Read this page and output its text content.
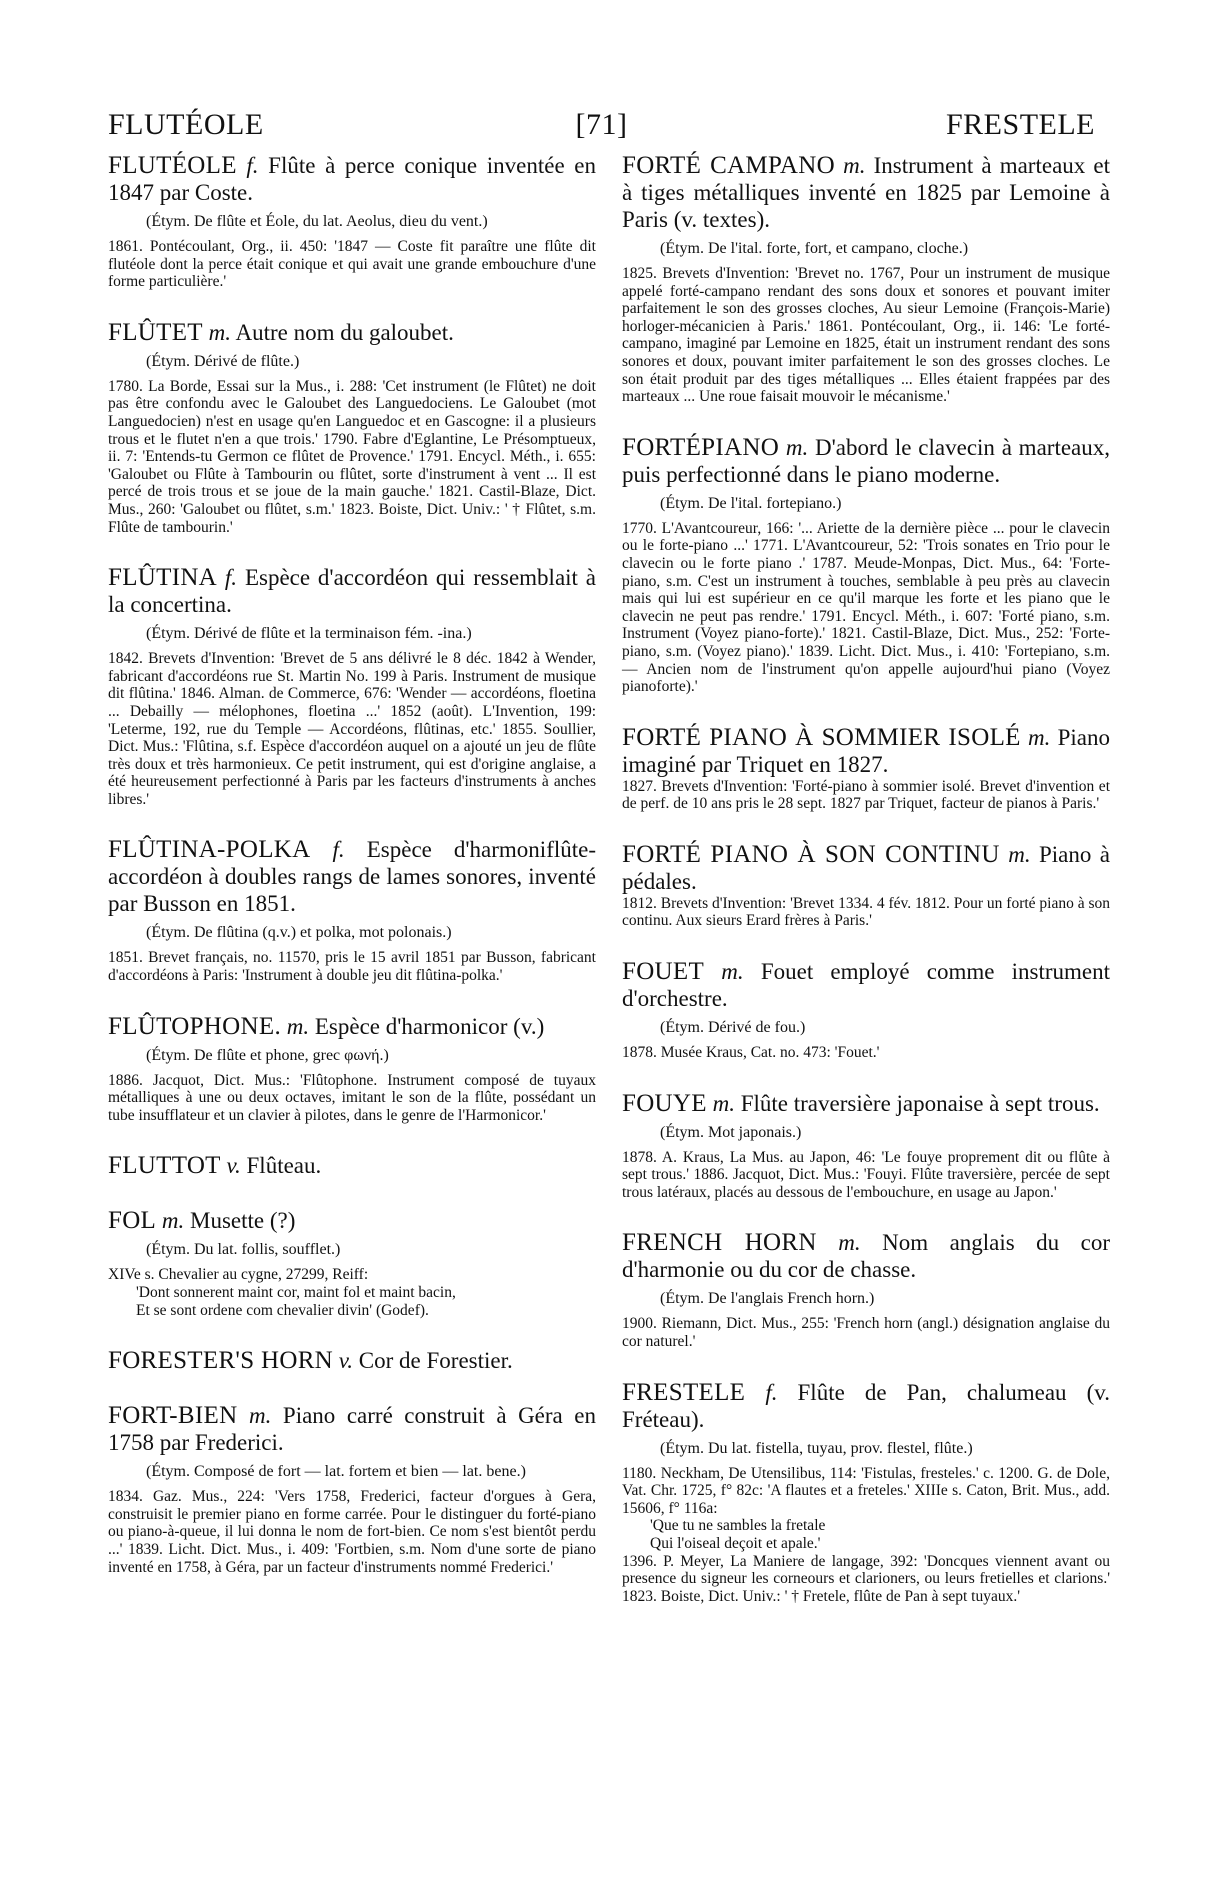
FLUTÉOLE	[71]	FRESTELE

FLUTÉOLE f. Flûte à perce conique inventée en 1847 par Coste.

(Étym. De flûte et Éole, du lat. Aeolus, dieu du vent.)

1861. Pontécoulant, Org., ii. 450: '1847 — Coste fit paraître une flûte dit flutéole dont la perce était conique et qui avait une grande embouchure d'une forme particulière.'

FLÛTET m. Autre nom du galoubet.

(Étym. Dérivé de flûte.)

1780. La Borde, Essai sur la Mus., i. 288: 'Cet instrument (le Flûtet) ne doit pas être confondu avec le Galoubet des Languedociens. Le Galoubet (mot Languedocien) n'est en usage qu'en Languedoc et en Gascogne: il a plusieurs trous et le flutet n'en a que trois.' 1790. Fabre d'Eglantine, Le Présomptueux, ii. 7: 'Entends-tu Germon ce flûtet de Provence.' 1791. Encycl. Méth., i. 655: 'Galoubet ou Flûte à Tambourin ou flûtet, sorte d'instrument à vent ... Il est percé de trois trous et se joue de la main gauche.' 1821. Castil-Blaze, Dict. Mus., 260: 'Galoubet ou flûtet, s.m.' 1823. Boiste, Dict. Univ.: ' † Flûtet, s.m. Flûte de tambourin.'

FLÛTINA f. Espèce d'accordéon qui ressemblait à la concertina.

(Étym. Dérivé de flûte et la terminaison fém. -ina.)

1842. Brevets d'Invention: 'Brevet de 5 ans délivré le 8 déc. 1842 à Wender, fabricant d'accordéons rue St. Martin No. 199 à Paris. Instrument de musique dit flûtina.' 1846. Alman. de Commerce, 676: 'Wender — accordéons, floetina ... Debailly — mélophones, floetina ...' 1852 (août). L'Invention, 199: 'Leterme, 192, rue du Temple — Accordéons, flûtinas, etc.' 1855. Soullier, Dict. Mus.: 'Flûtina, s.f. Espèce d'accordéon auquel on a ajouté un jeu de flûte très doux et très harmonieux. Ce petit instrument, qui est d'origine anglaise, a été heureusement perfectionné à Paris par les facteurs d'instruments à anches libres.'

FLÛTINA-POLKA f. Espèce d'harmoniflûte-accordéon à doubles rangs de lames sonores, inventé par Busson en 1851.

(Étym. De flûtina (q.v.) et polka, mot polonais.)

1851. Brevet français, no. 11570, pris le 15 avril 1851 par Busson, fabricant d'accordéons à Paris: 'Instrument à double jeu dit flûtina-polka.'

FLÛTOPHONE. m. Espèce d'harmonicor (v.)

(Étym. De flûte et phone, grec φωνή.)

1886. Jacquot, Dict. Mus.: 'Flûtophone. Instrument composé de tuyaux métalliques à une ou deux octaves, imitant le son de la flûte, possédant un tube insufflateur et un clavier à pilotes, dans le genre de l'Harmonicor.'

FLUTTOT v. Flûteau.

FOL m. Musette (?)

(Étym. Du lat. follis, soufflet.)

XIVe s. Chevalier au cygne, 27299, Reiff:

'Dont sonnerent maint cor, maint fol et maint bacin,

Et se sont ordene com chevalier divin' (Godef).

FORESTER'S HORN v. Cor de Forestier.

FORT-BIEN m. Piano carré construit à Géra en 1758 par Frederici.

(Étym. Composé de fort — lat. fortem et bien — lat. bene.)

1834. Gaz. Mus., 224: 'Vers 1758, Frederici, facteur d'orgues à Gera, construisit le premier piano en forme carrée. Pour le distinguer du forté-piano ou piano-à-queue, il lui donna le nom de fort-bien. Ce nom s'est bientôt perdu ...' 1839. Licht. Dict. Mus., i. 409: 'Fortbien, s.m. Nom d'une sorte de piano inventé en 1758, à Géra, par un facteur d'instruments nommé Frederici.'

FORTÉ CAMPANO m. Instrument à marteaux et à tiges métalliques inventé en 1825 par Lemoine à Paris (v. textes).

(Étym. De l'ital. forte, fort, et campano, cloche.)

1825. Brevets d'Invention: 'Brevet no. 1767, Pour un instrument de musique appelé forté-campano rendant des sons doux et sonores et pouvant imiter parfaitement le son des grosses cloches, Au sieur Lemoine (François-Marie) horloger-mécanicien à Paris.' 1861. Pontécoulant, Org., ii. 146: 'Le forté-campano, imaginé par Lemoine en 1825, était un instrument rendant des sons sonores et doux, pouvant imiter parfaitement le son des grosses cloches. Le son était produit par des tiges métalliques ... Elles étaient frappées par des marteaux ... Une roue faisait mouvoir le mécanisme.'

FORTÉPIANO m. D'abord le clavecin à marteaux, puis perfectionné dans le piano moderne.

(Étym. De l'ital. fortepiano.)

1770. L'Avantcoureur, 166: '... Ariette de la dernière pièce ... pour le clavecin ou le forte-piano ...' 1771. L'Avantcoureur, 52: 'Trois sonates en Trio pour le clavecin ou le forte piano .' 1787. Meude-Monpas, Dict. Mus., 64: 'Forte-piano, s.m. C'est un instrument à touches, semblable à peu près au clavecin mais qui lui est supérieur en ce qu'il marque les forte et les piano que le clavecin ne peut pas rendre.' 1791. Encycl. Méth., i. 607: 'Forté piano, s.m. Instrument (Voyez piano-forte).' 1821. Castil-Blaze, Dict. Mus., 252: 'Forte-piano, s.m. (Voyez piano).' 1839. Licht. Dict. Mus., i. 410: 'Fortepiano, s.m. — Ancien nom de l'instrument qu'on appelle aujourd'hui piano (Voyez pianoforte).'

FORTÉ PIANO À SOMMIER ISOLÉ m. Piano imaginé par Triquet en 1827.

1827. Brevets d'Invention: 'Forté-piano à sommier isolé. Brevet d'invention et de perf. de 10 ans pris le 28 sept. 1827 par Triquet, facteur de pianos à Paris.'

FORTÉ PIANO À SON CONTINU m. Piano à pédales.

1812. Brevets d'Invention: 'Brevet 1334. 4 fév. 1812. Pour un forté piano à son continu. Aux sieurs Erard frères à Paris.'

FOUET m. Fouet employé comme instrument d'orchestre.

(Étym. Dérivé de fou.)

1878. Musée Kraus, Cat. no. 473: 'Fouet.'

FOUYE m. Flûte traversière japonaise à sept trous.

(Étym. Mot japonais.)

1878. A. Kraus, La Mus. au Japon, 46: 'Le fouye proprement dit ou flûte à sept trous.' 1886. Jacquot, Dict. Mus.: 'Fouyi. Flûte traversière, percée de sept trous latéraux, placés au dessous de l'embouchure, en usage au Japon.'

FRENCH HORN m. Nom anglais du cor d'harmonie ou du cor de chasse.

(Étym. De l'anglais French horn.)

1900. Riemann, Dict. Mus., 255: 'French horn (angl.) désignation anglaise du cor naturel.'

FRESTELE f. Flûte de Pan, chalumeau (v. Fréteau).

(Étym. Du lat. fistella, tuyau, prov. flestel, flûte.)

1180. Neckham, De Utensilibus, 114: 'Fistulas, fresteles.' c. 1200. G. de Dole, Vat. Chr. 1725, f° 82c: 'A flautes et a freteles.' XIIIe s. Caton, Brit. Mus., add. 15606, f° 116a:

'Que tu ne sambles la fretale

Qui l'oiseal deçoit et apale.'

1396. P. Meyer, La Maniere de langage, 392: 'Doncques viennent avant ou presence du signeur les corneours et clarioners, ou leurs fretielles et clarions.' 1823. Boiste, Dict. Univ.: ' † Fretele, flûte de Pan à sept tuyaux.'
